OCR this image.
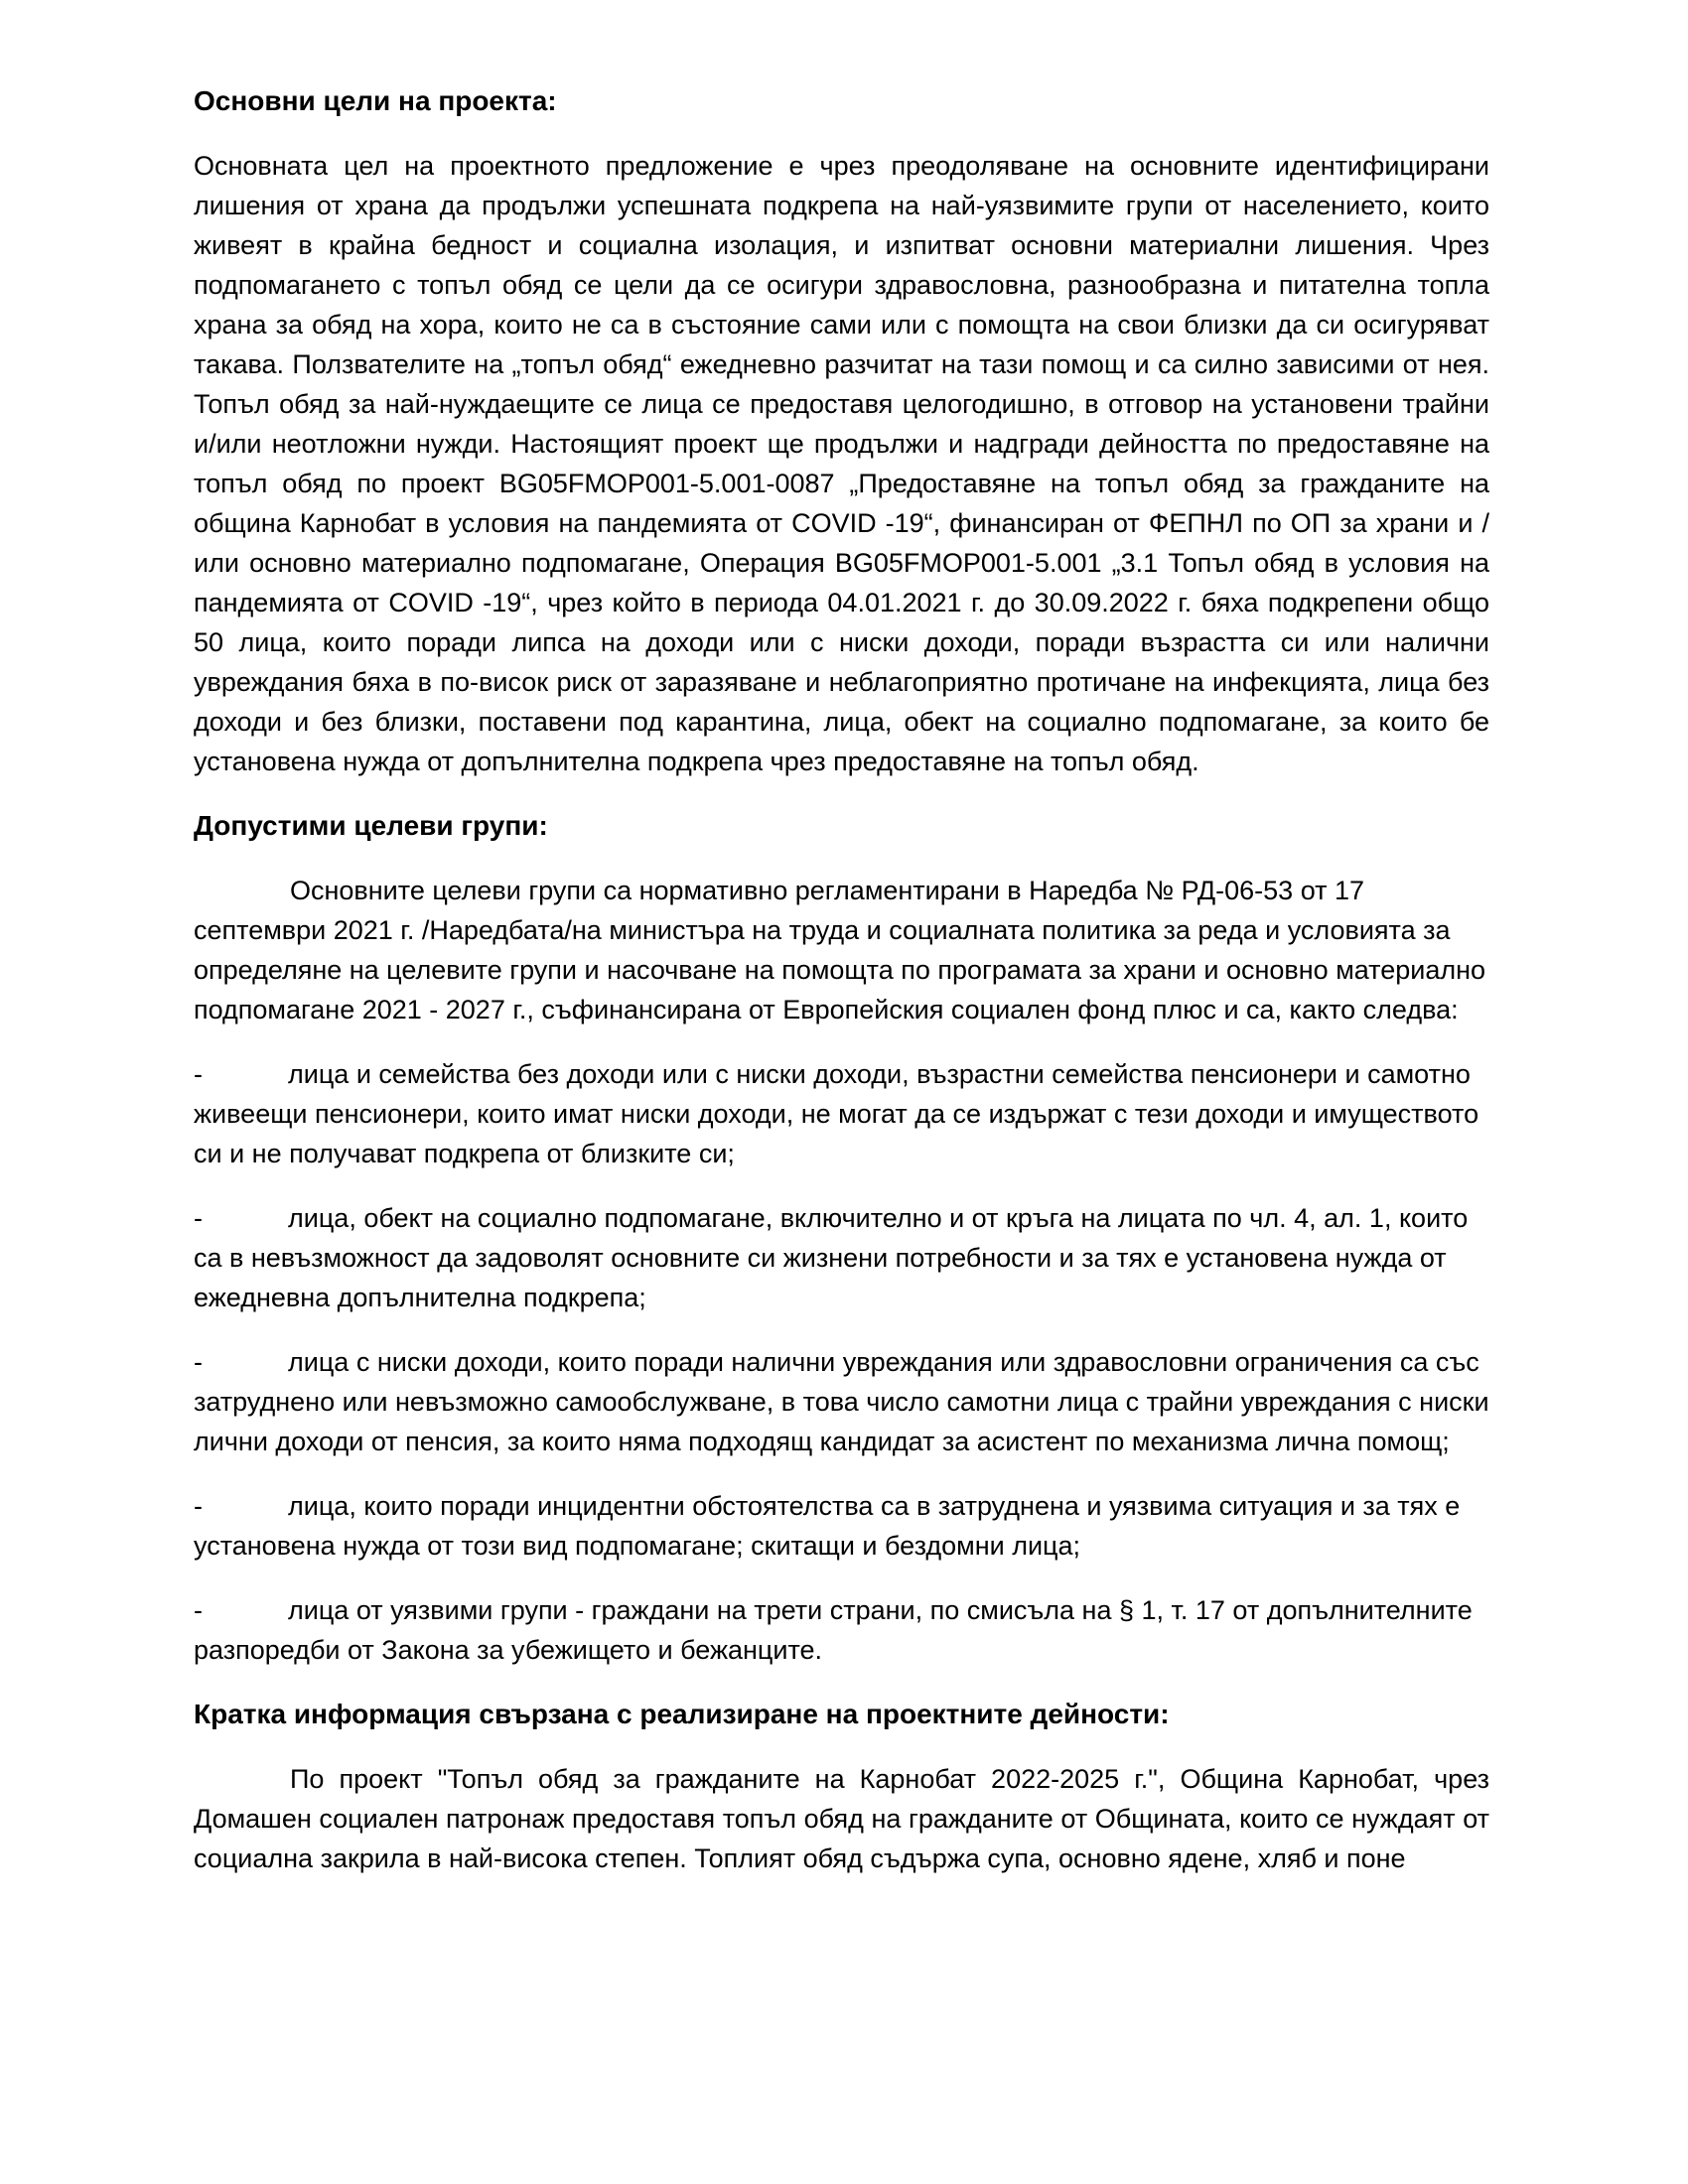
Основни цели на проекта:

Основната цел на проектното предложение е чрез преодоляване на основните идентифицирани лишения от храна да продължи успешната подкрепа на най-уязвимите групи от населението, които живеят в крайна бедност и социална изолация, и изпитват основни материални лишения. Чрез подпомагането с топъл обяд се цели да се осигури здравословна, разнообразна и питателна топла храна за обяд на хора, които не са в състояние сами или с помощта на свои близки да си осигуряват такава. Ползвателите на „топъл обяд“ ежедневно разчитат на тази помощ и са силно зависими от нея. Топъл обяд за най-нуждаещите се лица се предоставя целогодишно, в отговор на установени трайни и/или неотложни нужди. Настоящият проект ще продължи и надгради дейността по предоставяне на топъл обяд по проект BG05FMOP001-5.001-0087 „Предоставяне на топъл обяд за гражданите на община Карнобат в условия на пандемията от COVID -19“, финансиран от ФЕПНЛ по ОП за храни и /или основно материално подпомагане, Операция BG05FMOP001-5.001 „3.1 Топъл обяд в условия на пандемията от COVID -19“, чрез който в периода 04.01.2021 г. до 30.09.2022 г. бяха подкрепени общо 50 лица, които поради липса на доходи или с ниски доходи, поради възрастта си или налични увреждания бяха в по-висок риск от заразяване и неблагоприятно протичане на инфекцията, лица без доходи и без близки, поставени под карантина, лица, обект на социално подпомагане, за които бе установена нужда от допълнителна подкрепа чрез предоставяне на топъл обяд.

Допустими целеви групи:

Основните целеви групи са нормативно регламентирани в Наредба № РД-06-53 от 17 септември 2021 г. /Наредбата/на министъра на труда и социалната политика за реда и условията за определяне на целевите групи и насочване на помощта по програмата за храни и основно материално подпомагане 2021 - 2027 г., съфинансирана от Европейския социален фонд плюс и са, както следва:

-	лица и семейства без доходи или с ниски доходи, възрастни семейства пенсионери и самотно живеещи пенсионери, които имат ниски доходи, не могат да се издържат с тези доходи и имуществото си и не получават подкрепа от близките си;

-	лица, обект на социално подпомагане, включително и от кръга на лицата по чл. 4, ал. 1, които са в невъзможност да задоволят основните си жизнени потребности и за тях е установена нужда от ежедневна допълнителна подкрепа;

-	лица с ниски доходи, които поради налични увреждания или здравословни ограничения са със затруднено или невъзможно самообслужване, в това число самотни лица с трайни увреждания с ниски лични доходи от пенсия, за които няма подходящ кандидат за асистент по механизма лична помощ;

-	лица, които поради инцидентни обстоятелства са в затруднена и уязвима ситуация и за тях е установена нужда от този вид подпомагане; скитащи и бездомни лица;

-	лица от уязвими групи - граждани на трети страни, по смисъла на § 1, т. 17 от допълнителните разпоредби от Закона за убежището и бежанците.

Кратка информация свързана с реализиране на проектните дейности:

По проект "Топъл обяд за гражданите на Карнобат 2022-2025 г.", Община Карнобат, чрез Домашен социален патронаж предоставя топъл обяд на гражданите от Общината, които се нуждаят от социална закрила в най-висока степен. Топлият обяд съдържа супа, основно ядене, хляб и поне
